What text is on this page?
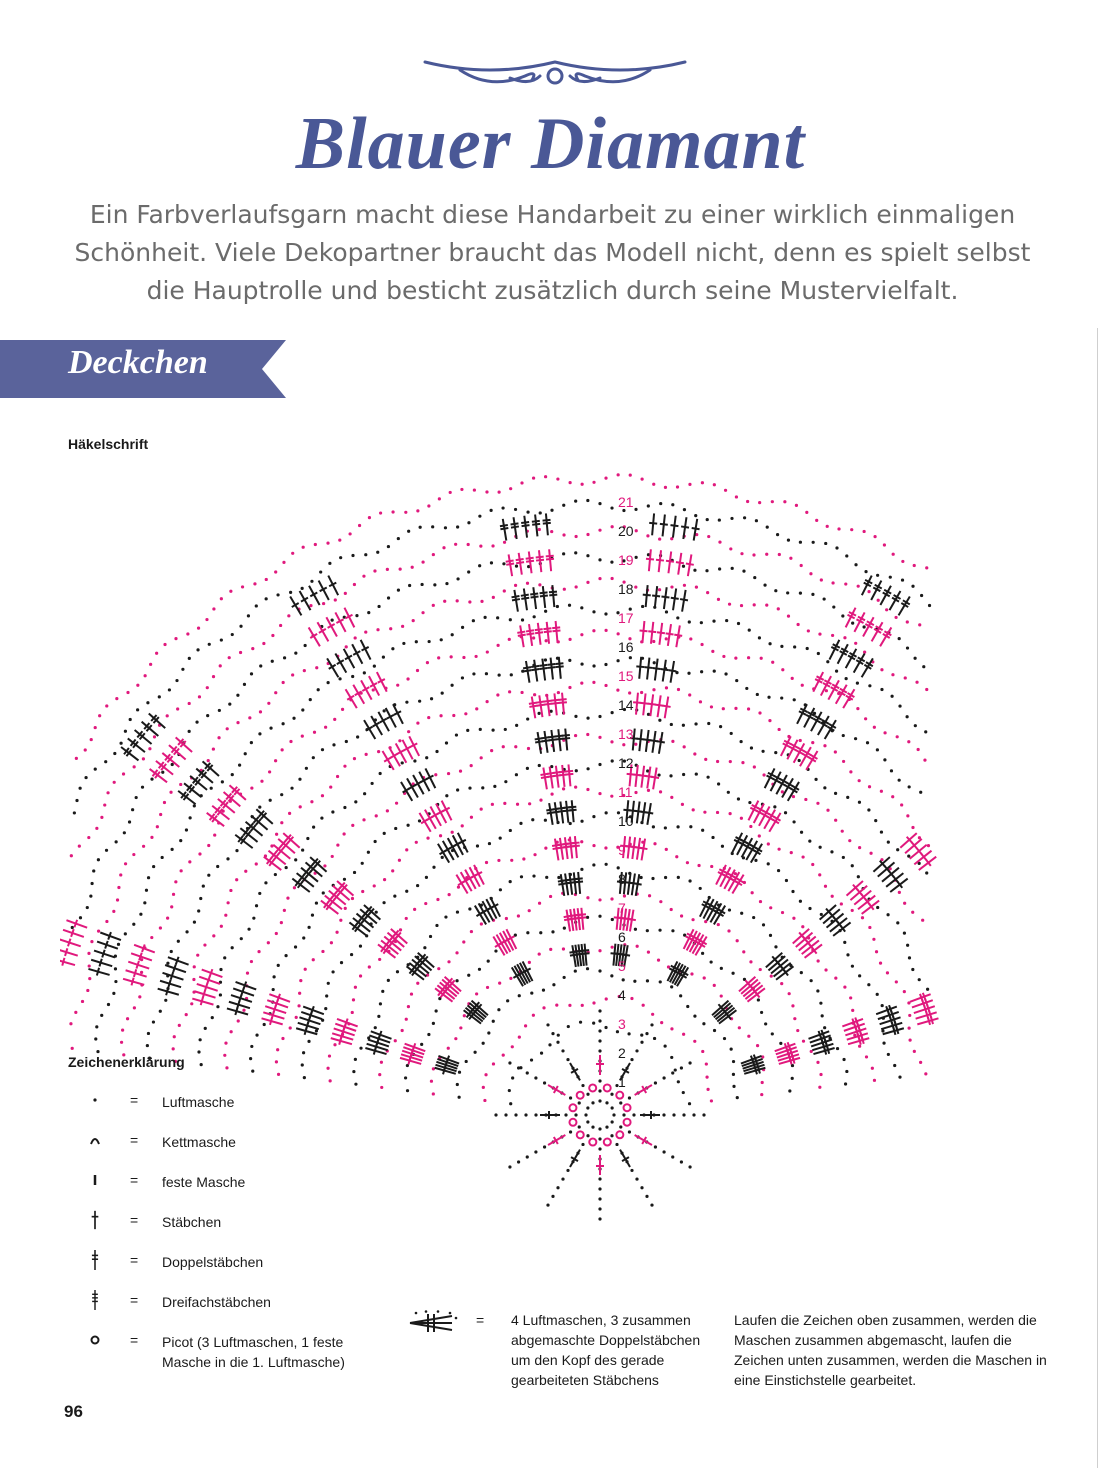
Blauer Diamant

Ein Farbverlaufsgarn macht diese Handarbeit zu einer wirklich einmaligen Schönheit. Viele Dekopartner braucht das Modell nicht, denn es spielt selbst die Hauptrolle und besticht zusätzlich durch seine Mustervielfalt.

Deckchen
Häkelschrift
1
2
3
4
5
6
7
8
9
10
11
12
13
14
15
16
17
18
19
20
21
Zeichenerklärung
= Luftmasche
= Kettmasche
= feste Masche
= Stäbchen
= Doppelstäbchen
= Dreifachstäbchen
= Picot (3 Luftmaschen, 1 feste Masche in die 1. Luftmasche)
= 4 Luftmaschen, 3 zusammen abgemaschte Doppelstäbchen um den Kopf des gerade gearbeiteten Stäbchens
Laufen die Zeichen oben zusammen, werden die Maschen zusammen abgemascht, laufen die Zeichen unten zusammen, werden die Maschen in eine Einstichstelle gearbeitet.
96
